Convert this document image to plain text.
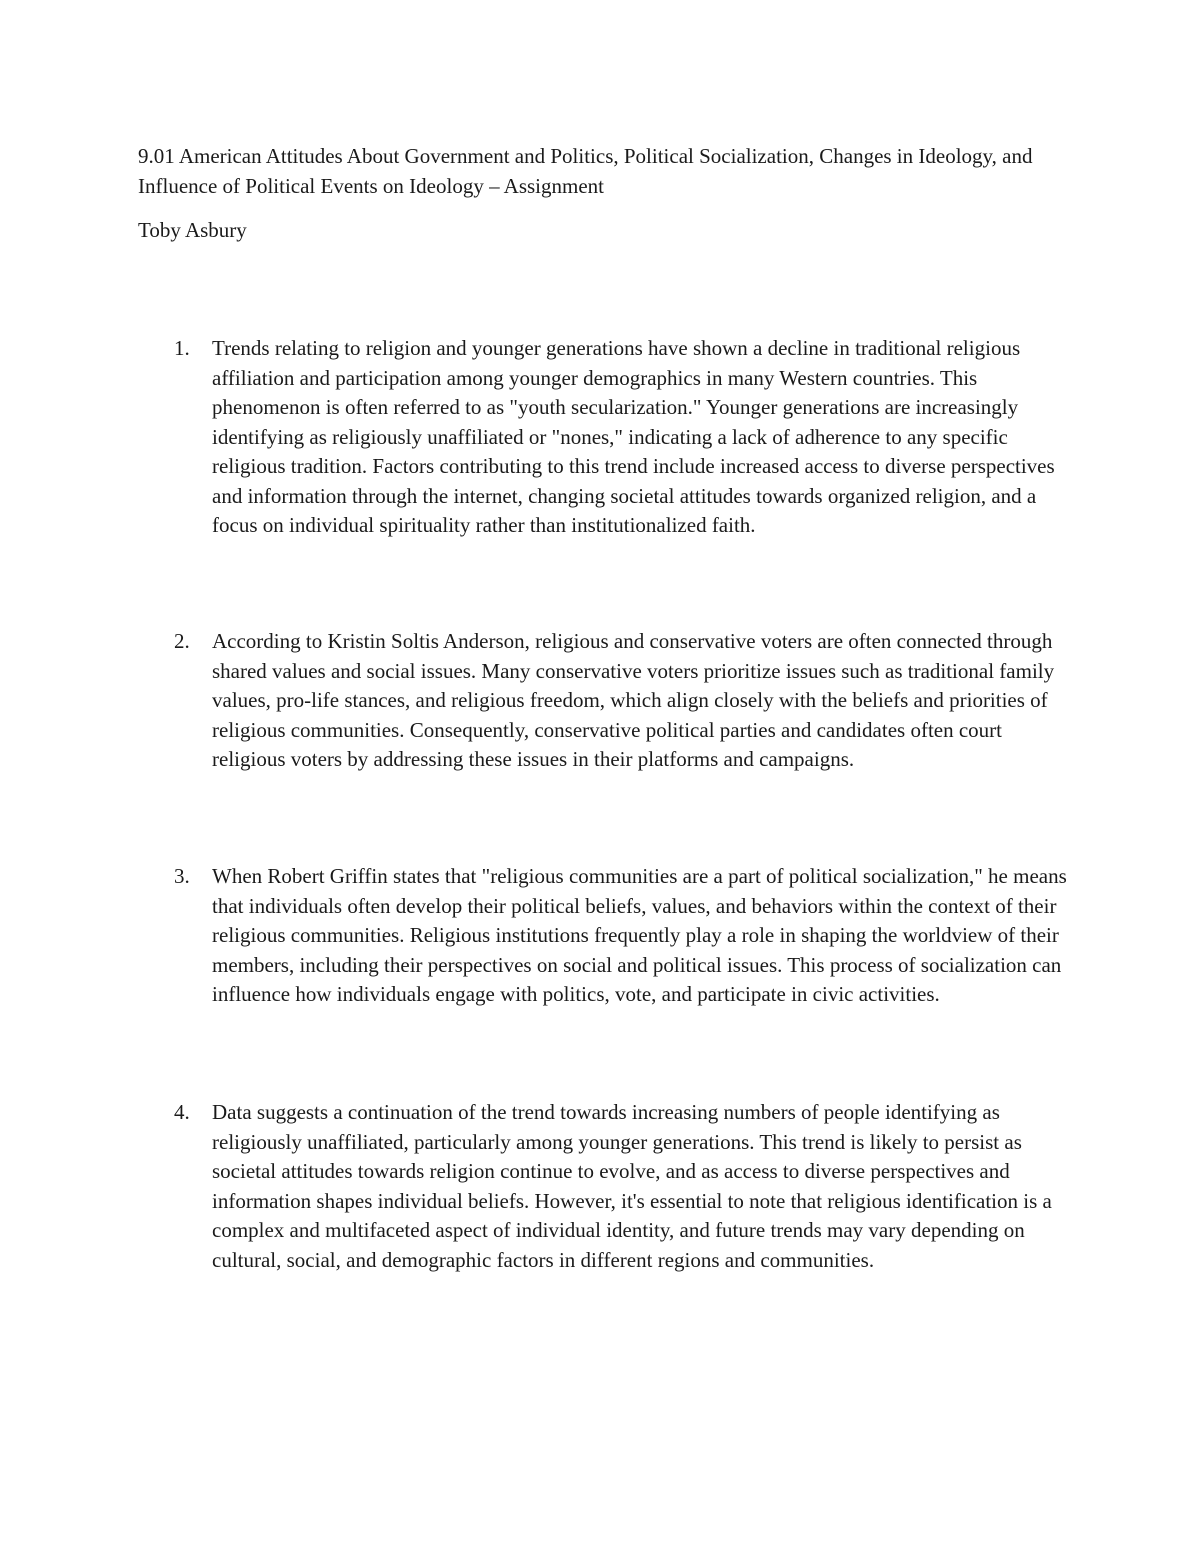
9.01 American Attitudes About Government and Politics, Political Socialization, Changes in Ideology, and Influence of Political Events on Ideology – Assignment

Toby Asbury

1.	Trends relating to religion and younger generations have shown a decline in traditional religious affiliation and participation among younger demographics in many Western countries. This phenomenon is often referred to as "youth secularization." Younger generations are increasingly identifying as religiously unaffiliated or "nones," indicating a lack of adherence to any specific religious tradition. Factors contributing to this trend include increased access to diverse perspectives and information through the internet, changing societal attitudes towards organized religion, and a focus on individual spirituality rather than institutionalized faith.
2.	According to Kristin Soltis Anderson, religious and conservative voters are often connected through shared values and social issues. Many conservative voters prioritize issues such as traditional family values, pro-life stances, and religious freedom, which align closely with the beliefs and priorities of religious communities. Consequently, conservative political parties and candidates often court religious voters by addressing these issues in their platforms and campaigns.
3.	When Robert Griffin states that "religious communities are a part of political socialization," he means that individuals often develop their political beliefs, values, and behaviors within the context of their religious communities. Religious institutions frequently play a role in shaping the worldview of their members, including their perspectives on social and political issues. This process of socialization can influence how individuals engage with politics, vote, and participate in civic activities.
4.	Data suggests a continuation of the trend towards increasing numbers of people identifying as religiously unaffiliated, particularly among younger generations. This trend is likely to persist as societal attitudes towards religion continue to evolve, and as access to diverse perspectives and information shapes individual beliefs. However, it's essential to note that religious identification is a complex and multifaceted aspect of individual identity, and future trends may vary depending on cultural, social, and demographic factors in different regions and communities.
